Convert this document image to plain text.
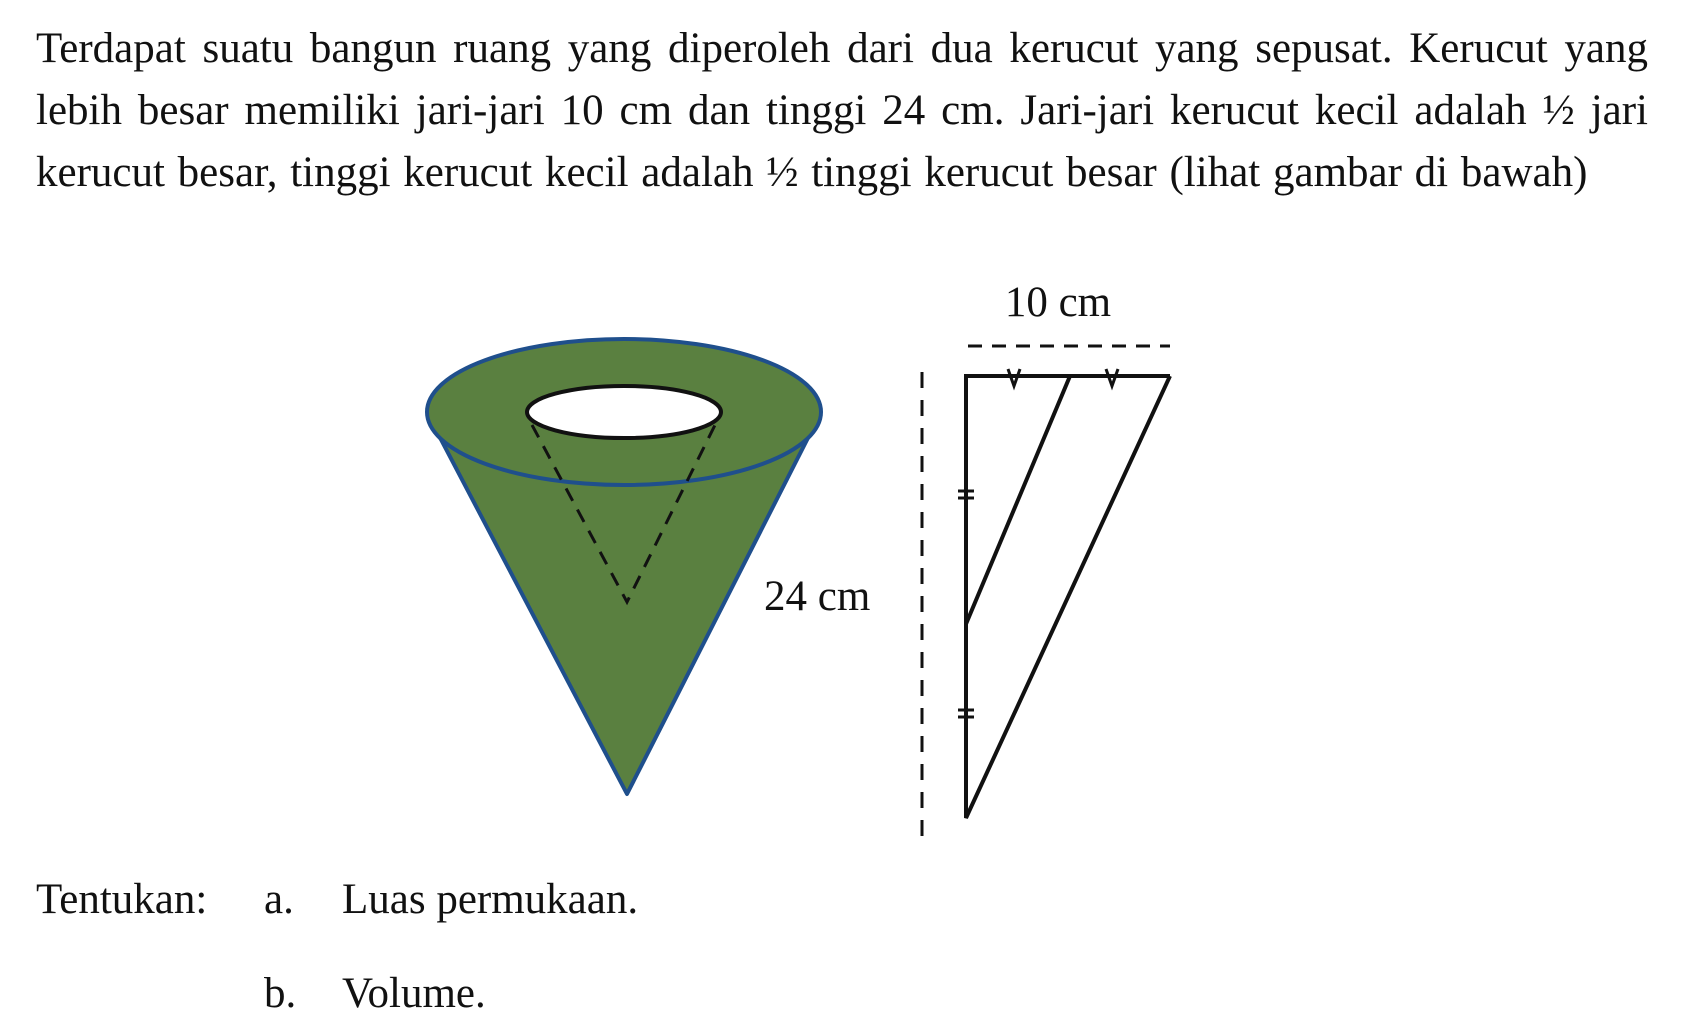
Terdapat suatu bangun ruang yang diperoleh dari dua kerucut yang sepusat. Kerucut yang lebih besar memiliki jari-jari 10 cm dan tinggi 24 cm. Jari-jari kerucut kecil adalah ½ jari kerucut besar, tinggi kerucut kecil adalah ½ tinggi kerucut besar (lihat gambar di bawah)
24 cm
10 cm
Tentukan:	a.	Luas permukaan.
b.	Volume.
